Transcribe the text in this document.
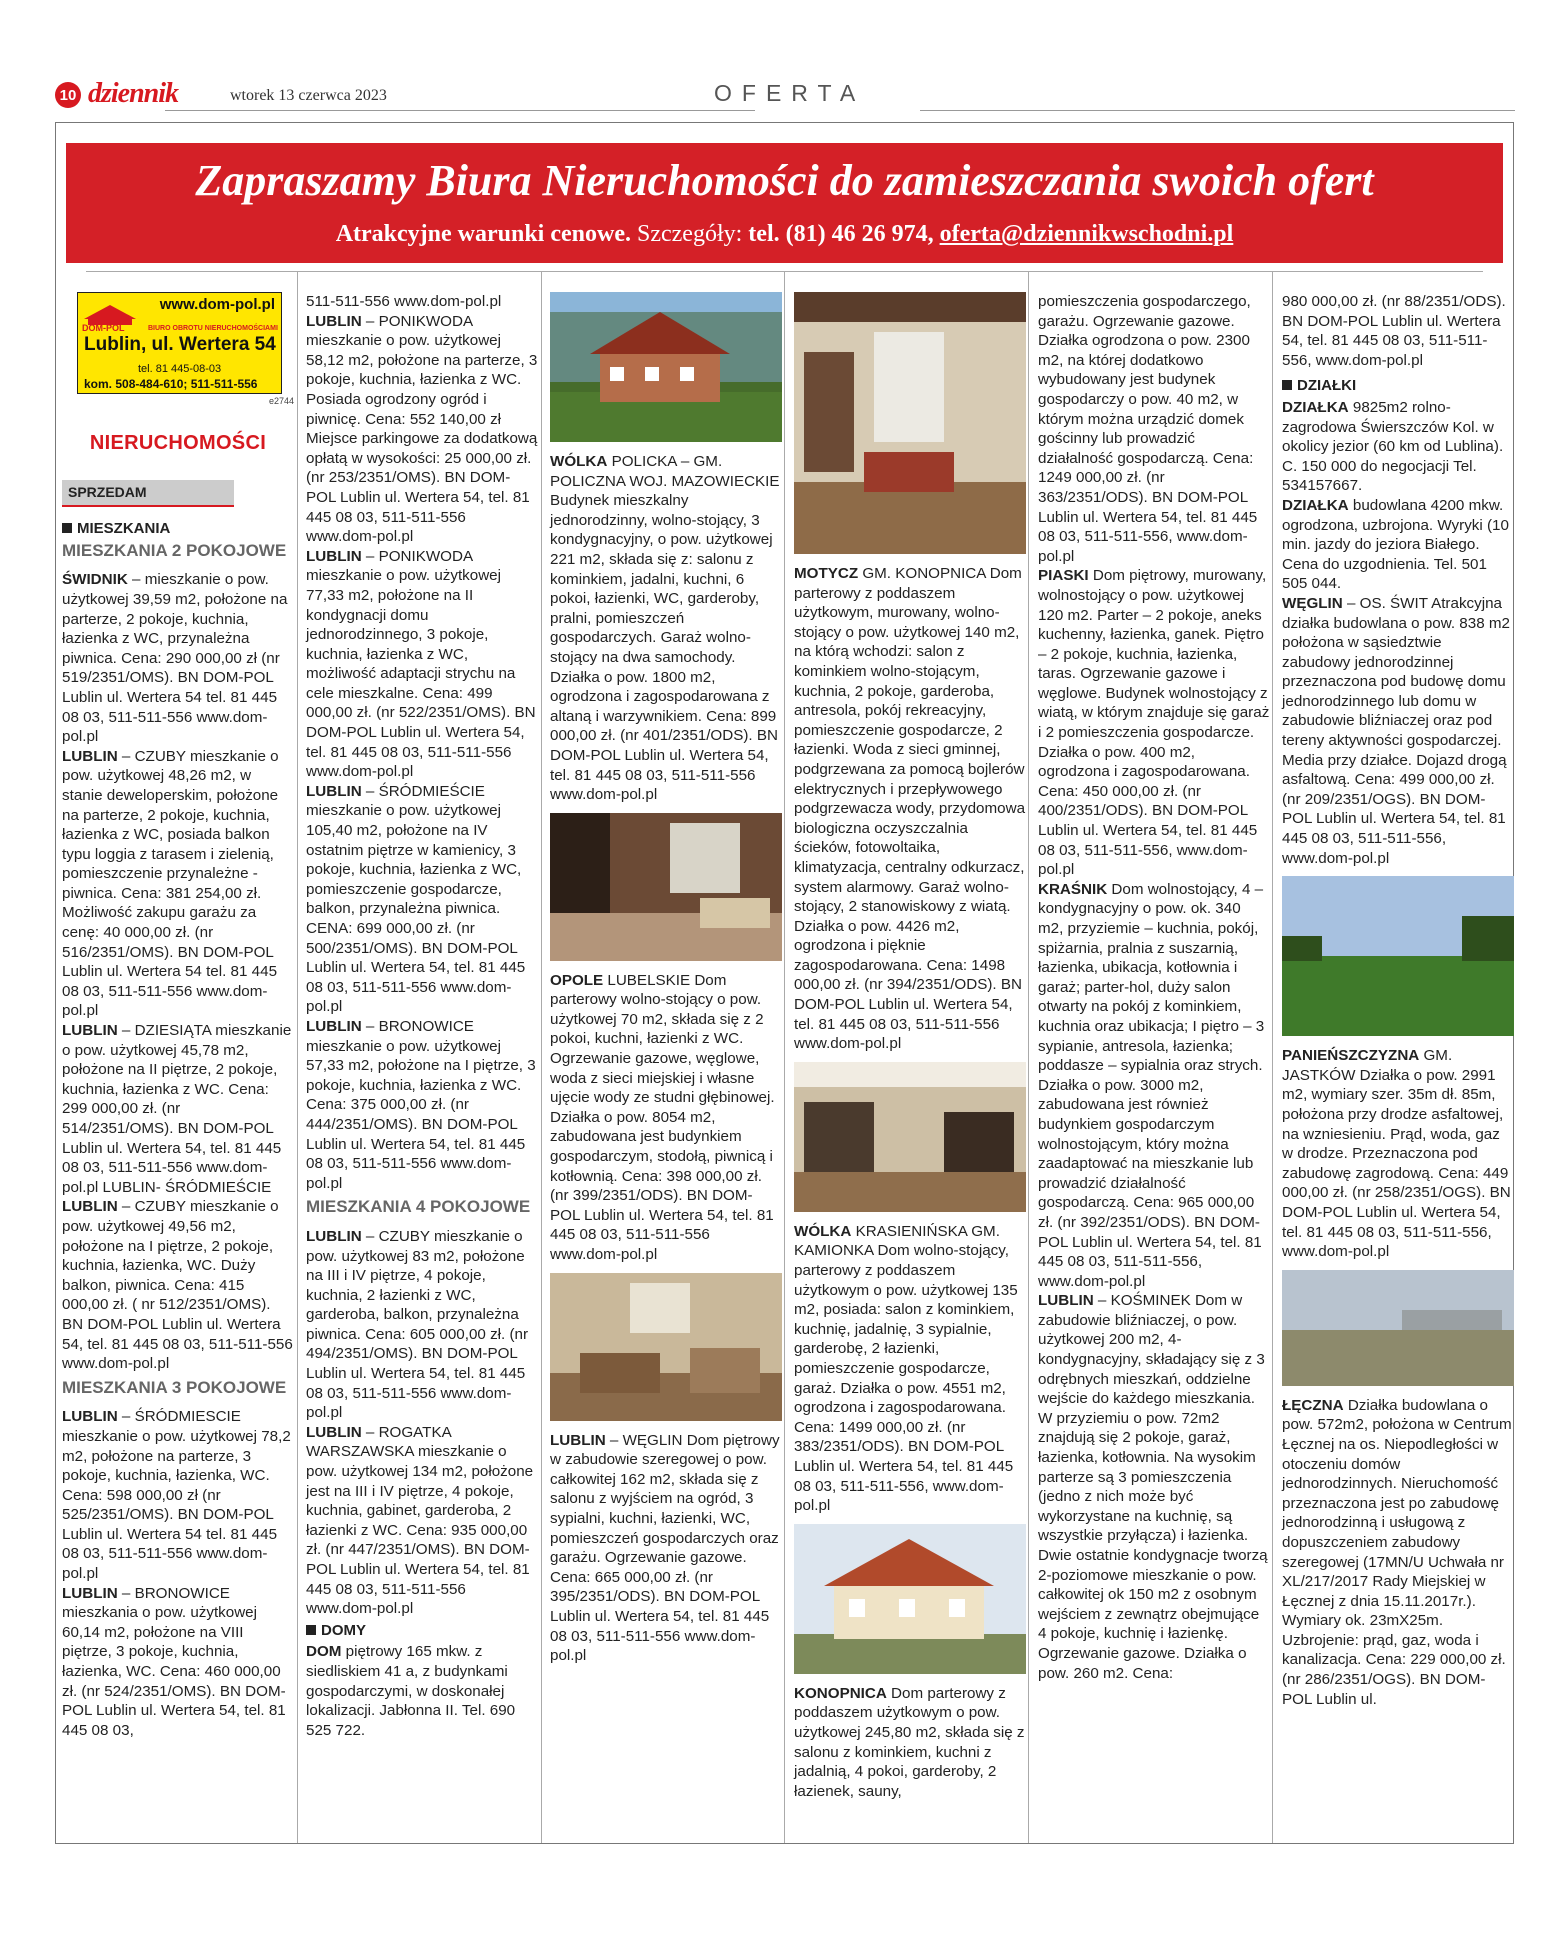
10 dziennik	wtorek 13 czerwca 2023	OFERTA
Zapraszamy Biura Nieruchomości do zamieszczania swoich ofert
Atrakcyjne warunki cenowe. Szczegóły: tel. (81) 46 26 974, oferta@dziennikwschodni.pl
www.dom-pol.pl
DOM-POL	BIURO OBROTU NIERUCHOMOŚCIAMI
Lublin, ul. Wertera 54
tel. 81 445-08-03
kom. 508-484-610; 511-511-556
e2744
NIERUCHOMOŚCI
SPRZEDAM
MIESZKANIA
MIESZKANIA 2 POKOJOWE

ŚWIDNIK – mieszkanie o pow. użytkowej 39,59 m2, położone na parterze, 2 pokoje, kuchnia, łazienka z WC, przynależna piwnica. Cena: 290 000,00 zł (nr 519/2351/OMS). BN DOM-POL Lublin ul. Wertera 54 tel. 81 445 08 03, 511-511-556 www.dom-pol.pl

LUBLIN – CZUBY mieszkanie o pow. użytkowej 48,26 m2, w stanie deweloperskim, położone na parterze, 2 pokoje, kuchnia, łazienka z WC, posiada balkon typu loggia z tarasem i zielenią, pomieszczenie przynależne - piwnica. Cena: 381 254,00 zł. Możliwość zakupu garażu za cenę: 40 000,00 zł. (nr 516/2351/OMS). BN DOM-POL Lublin ul. Wertera 54 tel. 81 445 08 03, 511-511-556 www.dom-pol.pl

LUBLIN – DZIESIĄTA mieszkanie o pow. użytkowej 45,78 m2, położone na II piętrze, 2 pokoje, kuchnia, łazienka z WC. Cena: 299 000,00 zł. (nr 514/2351/OMS). BN DOM-POL Lublin ul. Wertera 54, tel. 81 445 08 03, 511-511-556 www.dom-pol.pl LUBLIN- ŚRÓDMIEŚCIE

LUBLIN – CZUBY mieszkanie o pow. użytkowej 49,56 m2, położone na I piętrze, 2 pokoje, kuchnia, łazienka, WC. Duży balkon, piwnica. Cena: 415 000,00 zł. ( nr 512/2351/OMS). BN DOM-POL Lublin ul. Wertera 54, tel. 81 445 08 03, 511-511-556 www.dom-pol.pl

MIESZKANIA 3 POKOJOWE

LUBLIN – ŚRÓDMIESCIE mieszkanie o pow. użytkowej 78,2 m2, położone na parterze, 3 pokoje, kuchnia, łazienka, WC. Cena: 598 000,00 zł (nr 525/2351/OMS). BN DOM-POL Lublin ul. Wertera 54 tel. 81 445 08 03, 511-511-556 www.dom-pol.pl

LUBLIN – BRONOWICE mieszkania o pow. użytkowej 60,14 m2, położone na VIII piętrze, 3 pokoje, kuchnia, łazienka, WC. Cena: 460 000,00 zł. (nr 524/2351/OMS). BN DOM-POL Lublin ul. Wertera 54, tel. 81 445 08 03,

511-511-556 www.dom-pol.pl

LUBLIN – PONIKWODA mieszkanie o pow. użytkowej 58,12 m2, położone na parterze, 3 pokoje, kuchnia, łazienka z WC. Posiada ogrodzony ogród i piwnicę. Cena: 552 140,00 zł Miejsce parkingowe za dodatkową opłatą w wysokości: 25 000,00 zł. (nr 253/2351/OMS). BN DOM-POL Lublin ul. Wertera 54, tel. 81 445 08 03, 511-511-556 www.dom-pol.pl

LUBLIN – PONIKWODA mieszkanie o pow. użytkowej 77,33 m2, położone na II kondygnacji domu jednorodzinnego, 3 pokoje, kuchnia, łazienka z WC, możliwość adaptacji strychu na cele mieszkalne. Cena: 499 000,00 zł. (nr 522/2351/OMS). BN DOM-POL Lublin ul. Wertera 54, tel. 81 445 08 03, 511-511-556 www.dom-pol.pl

LUBLIN – ŚRÓDMIEŚCIE mieszkanie o pow. użytkowej 105,40 m2, położone na IV ostatnim piętrze w kamienicy, 3 pokoje, kuchnia, łazienka z WC, pomieszczenie gospodarcze, balkon, przynależna piwnica. CENA: 699 000,00 zł. (nr 500/2351/OMS). BN DOM-POL Lublin ul. Wertera 54, tel. 81 445 08 03, 511-511-556 www.dom-pol.pl

LUBLIN – BRONOWICE mieszkanie o pow. użytkowej 57,33 m2, położone na I piętrze, 3 pokoje, kuchnia, łazienka z WC. Cena: 375 000,00 zł. (nr 444/2351/OMS). BN DOM-POL Lublin ul. Wertera 54, tel. 81 445 08 03, 511-511-556 www.dom-pol.pl

MIESZKANIA 4 POKOJOWE

LUBLIN – CZUBY mieszkanie o pow. użytkowej 83 m2, położone na III i IV piętrze, 4 pokoje, kuchnia, 2 łazienki z WC, garderoba, balkon, przynależna piwnica. Cena: 605 000,00 zł. (nr 494/2351/OMS). BN DOM-POL Lublin ul. Wertera 54, tel. 81 445 08 03, 511-511-556 www.dom-pol.pl

LUBLIN – ROGATKA WARSZAWSKA mieszkanie o pow. użytkowej 134 m2, położone jest na III i IV piętrze, 4 pokoje, kuchnia, gabinet, garderoba, 2 łazienki z WC. Cena: 935 000,00 zł. (nr 447/2351/OMS). BN DOM-POL Lublin ul. Wertera 54, tel. 81 445 08 03, 511-511-556 www.dom-pol.pl

DOMY

DOM piętrowy 165 mkw. z siedliskiem 41 a, z budynkami gospodarczymi, w doskonałej lokalizacji. Jabłonna II. Tel. 690 525 722.

WÓLKA POLICKA – GM. POLICZNA WOJ. MAZOWIECKIE Budynek mieszkalny jednorodzinny, wolno-stojący, 3 kondygnacyjny, o pow. użytkowej 221 m2, składa się z: salonu z kominkiem, jadalni, kuchni, 6 pokoi, łazienki, WC, garderoby, pralni, pomieszczeń gospodarczych. Garaż wolno-stojący na dwa samochody. Działka o pow. 1800 m2, ogrodzona i zagospodarowana z altaną i warzywnikiem. Cena: 899 000,00 zł. (nr 401/2351/ODS). BN DOM-POL Lublin ul. Wertera 54, tel. 81 445 08 03, 511-511-556 www.dom-pol.pl

OPOLE LUBELSKIE Dom parterowy wolno-stojący o pow. użytkowej 70 m2, składa się z 2 pokoi, kuchni, łazienki z WC. Ogrzewanie gazowe, węglowe, woda z sieci miejskiej i własne ujęcie wody ze studni głębinowej. Działka o pow. 8054 m2, zabudowana jest budynkiem gospodarczym, stodołą, piwnicą i kotłownią. Cena: 398 000,00 zł. (nr 399/2351/ODS). BN DOM-POL Lublin ul. Wertera 54, tel. 81 445 08 03, 511-511-556 www.dom-pol.pl

LUBLIN – WĘGLIN Dom piętrowy w zabudowie szeregowej o pow. całkowitej 162 m2, składa się z salonu z wyjściem na ogród, 3 sypialni, kuchni, łazienki, WC, pomieszczeń gospodarczych oraz garażu. Ogrzewanie gazowe. Cena: 665 000,00 zł. (nr 395/2351/ODS). BN DOM-POL Lublin ul. Wertera 54, tel. 81 445 08 03, 511-511-556 www.dom-pol.pl

MOTYCZ GM. KONOPNICA Dom parterowy z poddaszem użytkowym, murowany, wolno-stojący o pow. użytkowej 140 m2, na którą wchodzi: salon z kominkiem wolno-stojącym, kuchnia, 2 pokoje, garderoba, antresola, pokój rekreacyjny, pomieszczenie gospodarcze, 2 łazienki. Woda z sieci gminnej, podgrzewana za pomocą bojlerów elektrycznych i przepływowego podgrzewacza wody, przydomowa biologiczna oczyszczalnia ścieków, fotowoltaika, klimatyzacja, centralny odkurzacz, system alarmowy. Garaż wolno-stojący, 2 stanowiskowy z wiatą. Działka o pow. 4426 m2, ogrodzona i pięknie zagospodarowana. Cena: 1498 000,00 zł. (nr 394/2351/ODS). BN DOM-POL Lublin ul. Wertera 54, tel. 81 445 08 03, 511-511-556 www.dom-pol.pl

WÓLKA KRASIENIŃSKA GM. KAMIONKA Dom wolno-stojący, parterowy z poddaszem użytkowym o pow. użytkowej 135 m2, posiada: salon z kominkiem, kuchnię, jadalnię, 3 sypialnie, garderobę, 2 łazienki, pomieszczenie gospodarcze, garaż. Działka o pow. 4551 m2, ogrodzona i zagospodarowana. Cena: 1499 000,00 zł. (nr 383/2351/ODS). BN DOM-POL Lublin ul. Wertera 54, tel. 81 445 08 03, 511-511-556, www.dom-pol.pl

KONOPNICA Dom parterowy z poddaszem użytkowym o pow. użytkowej 245,80 m2, składa się z salonu z kominkiem, kuchni z jadalnią, 4 pokoi, garderoby, 2 łazienek, sauny,

pomieszczenia gospodarczego, garażu. Ogrzewanie gazowe. Działka ogrodzona o pow. 2300 m2, na której dodatkowo wybudowany jest budynek gospodarczy o pow. 40 m2, w którym można urządzić domek gościnny lub prowadzić działalność gospodarczą. Cena: 1249 000,00 zł. (nr 363/2351/ODS). BN DOM-POL Lublin ul. Wertera 54, tel. 81 445 08 03, 511-511-556, www.dom-pol.pl

PIASKI Dom piętrowy, murowany, wolnostojący o pow. użytkowej 120 m2. Parter – 2 pokoje, aneks kuchenny, łazienka, ganek. Piętro – 2 pokoje, kuchnia, łazienka, taras. Ogrzewanie gazowe i węglowe. Budynek wolnostojący z wiatą, w którym znajduje się garaż i 2 pomieszczenia gospodarcze. Działka o pow. 400 m2, ogrodzona i zagospodarowana. Cena: 450 000,00 zł. (nr 400/2351/ODS). BN DOM-POL Lublin ul. Wertera 54, tel. 81 445 08 03, 511-511-556, www.dom-pol.pl

KRAŚNIK Dom wolnostojący, 4 – kondygnacyjny o pow. ok. 340 m2, przyziemie – kuchnia, pokój, spiżarnia, pralnia z suszarnią, łazienka, ubikacja, kotłownia i garaż; parter-hol, duży salon otwarty na pokój z kominkiem, kuchnia oraz ubikacja; I piętro – 3 sypianie, antresola, łazienka; poddasze – sypialnia oraz strych. Działka o pow. 3000 m2, zabudowana jest również budynkiem gospodarczym wolnostojącym, który można zaadaptować na mieszkanie lub prowadzić działalność gospodarczą. Cena: 965 000,00 zł. (nr 392/2351/ODS). BN DOM-POL Lublin ul. Wertera 54, tel. 81 445 08 03, 511-511-556, www.dom-pol.pl

LUBLIN – KOŚMINEK Dom w zabudowie bliźniaczej, o pow. użytkowej 200 m2, 4-kondygnacyjny, składający się z 3 odrębnych mieszkań, oddzielne wejście do każdego mieszkania. W przyziemiu o pow. 72m2 znajdują się 2 pokoje, garaż, łazienka, kotłownia. Na wysokim parterze są 3 pomieszczenia (jedno z nich może być wykorzystane na kuchnię, są wszystkie przyłącza) i łazienka. Dwie ostatnie kondygnacje tworzą 2-poziomowe mieszkanie o pow. całkowitej ok 150 m2 z osobnym wejściem z zewnątrz obejmujące 4 pokoje, kuchnię i łazienkę. Ogrzewanie gazowe. Działka o pow. 260 m2. Cena:

980 000,00 zł. (nr 88/2351/ODS). BN DOM-POL Lublin ul. Wertera 54, tel. 81 445 08 03, 511-511-556, www.dom-pol.pl

DZIAŁKI

DZIAŁKA 9825m2 rolno-zagrodowa Świerszczów Kol. w okolicy jezior (60 km od Lublina). C. 150 000 do negocjacji Tel. 534157667.

DZIAŁKA budowlana 4200 mkw. ogrodzona, uzbrojona. Wyryki (10 min. jazdy do jeziora Białego. Cena do uzgodnienia. Tel. 501 505 044.

WĘGLIN – OS. ŚWIT Atrakcyjna działka budowlana o pow. 838 m2 położona w sąsiedztwie zabudowy jednorodzinnej przeznaczona pod budowę domu jednorodzinnego lub domu w zabudowie bliźniaczej oraz pod tereny aktywności gospodarczej. Media przy działce. Dojazd drogą asfaltową. Cena: 499 000,00 zł. (nr 209/2351/OGS). BN DOM-POL Lublin ul. Wertera 54, tel. 81 445 08 03, 511-511-556, www.dom-pol.pl

PANIEŃSZCZYZNA GM. JASTKÓW Działka o pow. 2991 m2, wymiary szer. 35m dł. 85m, położona przy drodze asfaltowej, na wzniesieniu. Prąd, woda, gaz w drodze. Przeznaczona pod zabudowę zagrodową. Cena: 449 000,00 zł. (nr 258/2351/OGS). BN DOM-POL Lublin ul. Wertera 54, tel. 81 445 08 03, 511-511-556, www.dom-pol.pl

ŁĘCZNA Działka budowlana o pow. 572m2, położona w Centrum Łęcznej na os. Niepodległości w otoczeniu domów jednorodzinnych. Nieruchomość przeznaczona jest po zabudowę jednorodzinną i usługową z dopuszczeniem zabudowy szeregowej (17MN/U Uchwała nr XL/217/2017 Rady Miejskiej w Łęcznej z dnia 15.11.2017r.). Wymiary ok. 23mX25m. Uzbrojenie: prąd, gaz, woda i kanalizacja. Cena: 229 000,00 zł. (nr 286/2351/OGS). BN DOM-POL Lublin ul.
